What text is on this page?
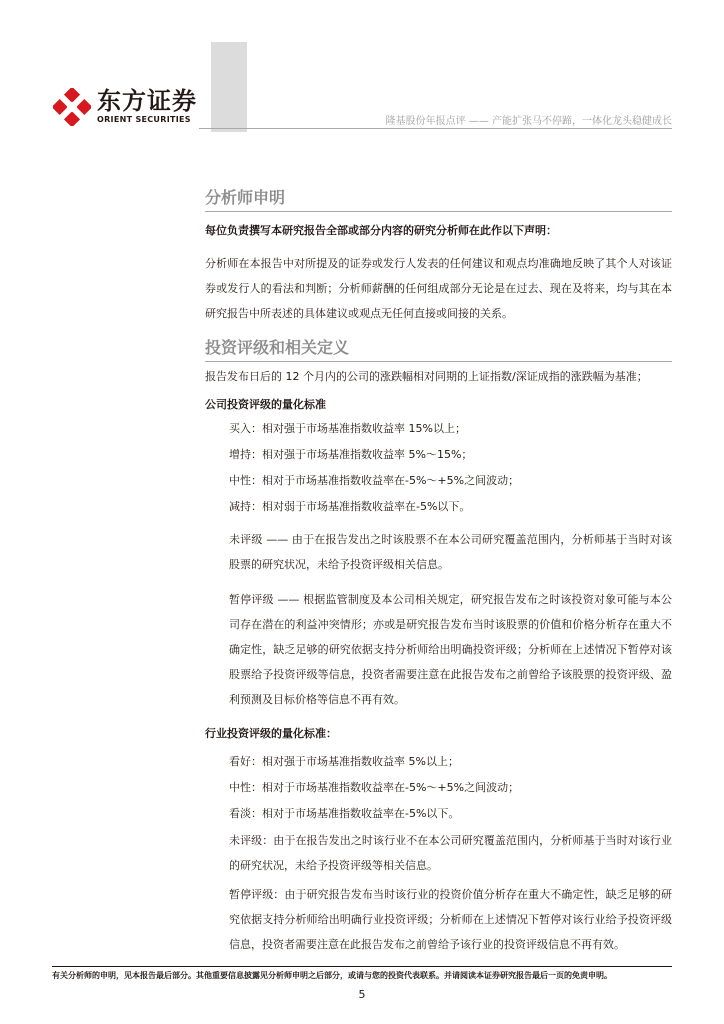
东方证券
ORIENT SECURITIES	隆基股份年报点评 —— 产能扩张马不停蹄，一体化龙头稳健成长
分析师申明
每位负责撰写本研究报告全部或部分内容的研究分析师在此作以下声明：
分析师在本报告中对所提及的证券或发行人发表的任何建议和观点均准确地反映了其个人对该证券或发行人的看法和判断；分析师薪酬的任何组成部分无论是在过去、现在及将来，均与其在本研究报告中所表述的具体建议或观点无任何直接或间接的关系。
投资评级和相关定义
报告发布日后的 12 个月内的公司的涨跌幅相对同期的上证指数/深证成指的涨跌幅为基准；
公司投资评级的量化标准
买入：相对强于市场基准指数收益率 15%以上；
增持：相对强于市场基准指数收益率 5%～15%；
中性：相对于市场基准指数收益率在-5%～+5%之间波动；
减持：相对弱于市场基准指数收益率在-5%以下。
未评级 —— 由于在报告发出之时该股票不在本公司研究覆盖范围内，分析师基于当时对该股票的研究状况，未给予投资评级相关信息。
暂停评级 —— 根据监管制度及本公司相关规定，研究报告发布之时该投资对象可能与本公司存在潜在的利益冲突情形；亦或是研究报告发布当时该股票的价值和价格分析存在重大不确定性，缺乏足够的研究依据支持分析师给出明确投资评级；分析师在上述情况下暂停对该股票给予投资评级等信息，投资者需要注意在此报告发布之前曾给予该股票的投资评级、盈利预测及目标价格等信息不再有效。
行业投资评级的量化标准：
看好：相对强于市场基准指数收益率 5%以上；
中性：相对于市场基准指数收益率在-5%～+5%之间波动；
看淡：相对于市场基准指数收益率在-5%以下。
未评级：由于在报告发出之时该行业不在本公司研究覆盖范围内，分析师基于当时对该行业的研究状况，未给予投资评级等相关信息。
暂停评级：由于研究报告发布当时该行业的投资价值分析存在重大不确定性，缺乏足够的研究依据支持分析师给出明确行业投资评级；分析师在上述情况下暂停对该行业给予投资评级信息，投资者需要注意在此报告发布之前曾给予该行业的投资评级信息不再有效。
有关分析师的申明，见本报告最后部分。其他重要信息披露见分析师申明之后部分，或请与您的投资代表联系。并请阅读本证券研究报告最后一页的免责申明。
5
